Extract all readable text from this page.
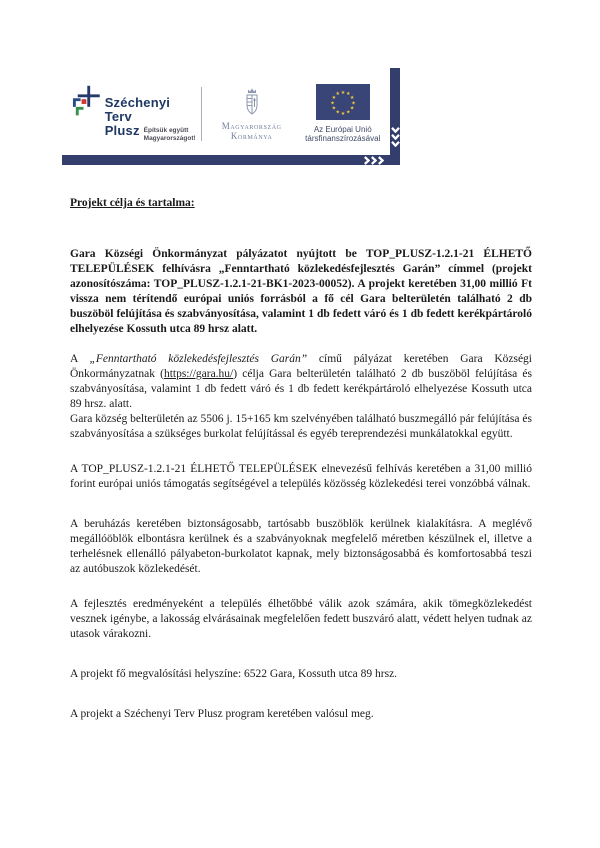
Széchenyi Terv
Plusz Építsük együtt
Magyarországot!
Magyarország
Kormánya
★ ★
★
★
★
★
★
★
★
★
★
★
Az Európai Unió
társfinanszírozásával

Projekt célja és tartalma:

Gara Községi Önkormányzat pályázatot nyújtott be TOP_PLUSZ-1.2.1-21 ÉLHETŐ TELEPÜLÉSEK felhívásra „Fenntartható közlekedésfejlesztés Garán” címmel (projekt azonosítószáma: TOP_PLUSZ-1.2.1-21-BK1-2023-00052). A projekt keretében 31,00 millió Ft vissza nem térítendő európai uniós forrásból a fő cél Gara belterületén található 2 db buszöböl felújítása és szabványosítása, valamint 1 db fedett váró és 1 db fedett kerékpártároló elhelyezése Kossuth utca 89 hrsz alatt.

A „Fenntartható közlekedésfejlesztés Garán” című pályázat keretében Gara Községi Önkormányzatnak (https://gara.hu/) célja Gara belterületén található 2 db buszöböl felújítása és szabványosítása, valamint 1 db fedett váró és 1 db fedett kerékpártároló elhelyezése Kossuth utca 89 hrsz. alatt.

Gara község belterületén az 5506 j. 15+165 km szelvényében található buszmegálló pár felújítása és szabványosítása a szükséges burkolat felújítással és egyéb tereprendezési munkálatokkal együtt.

A TOP_PLUSZ-1.2.1-21 ÉLHETŐ TELEPÜLÉSEK elnevezésű felhívás keretében a 31,00 millió forint európai uniós támogatás segítségével a település közösség közlekedési terei vonzóbbá válnak.

A beruházás keretében biztonságosabb, tartósabb buszöblök kerülnek kialakításra. A meglévő megállóöblök elbontásra kerülnek és a szabványoknak megfelelő méretben készülnek el, illetve a terhelésnek ellenálló pályabeton-burkolatot kapnak, mely biztonságosabbá és komfortosabbá teszi az autóbuszok közlekedését.

A fejlesztés eredményeként a település élhetőbbé válik azok számára, akik tömegközlekedést vesznek igénybe, a lakosság elvárásainak megfelelően fedett buszváró alatt, védett helyen tudnak az utasok várakozni.

A projekt fő megvalósítási helyszíne: 6522 Gara, Kossuth utca 89 hrsz.

A projekt a Széchenyi Terv Plusz program keretében valósul meg.
